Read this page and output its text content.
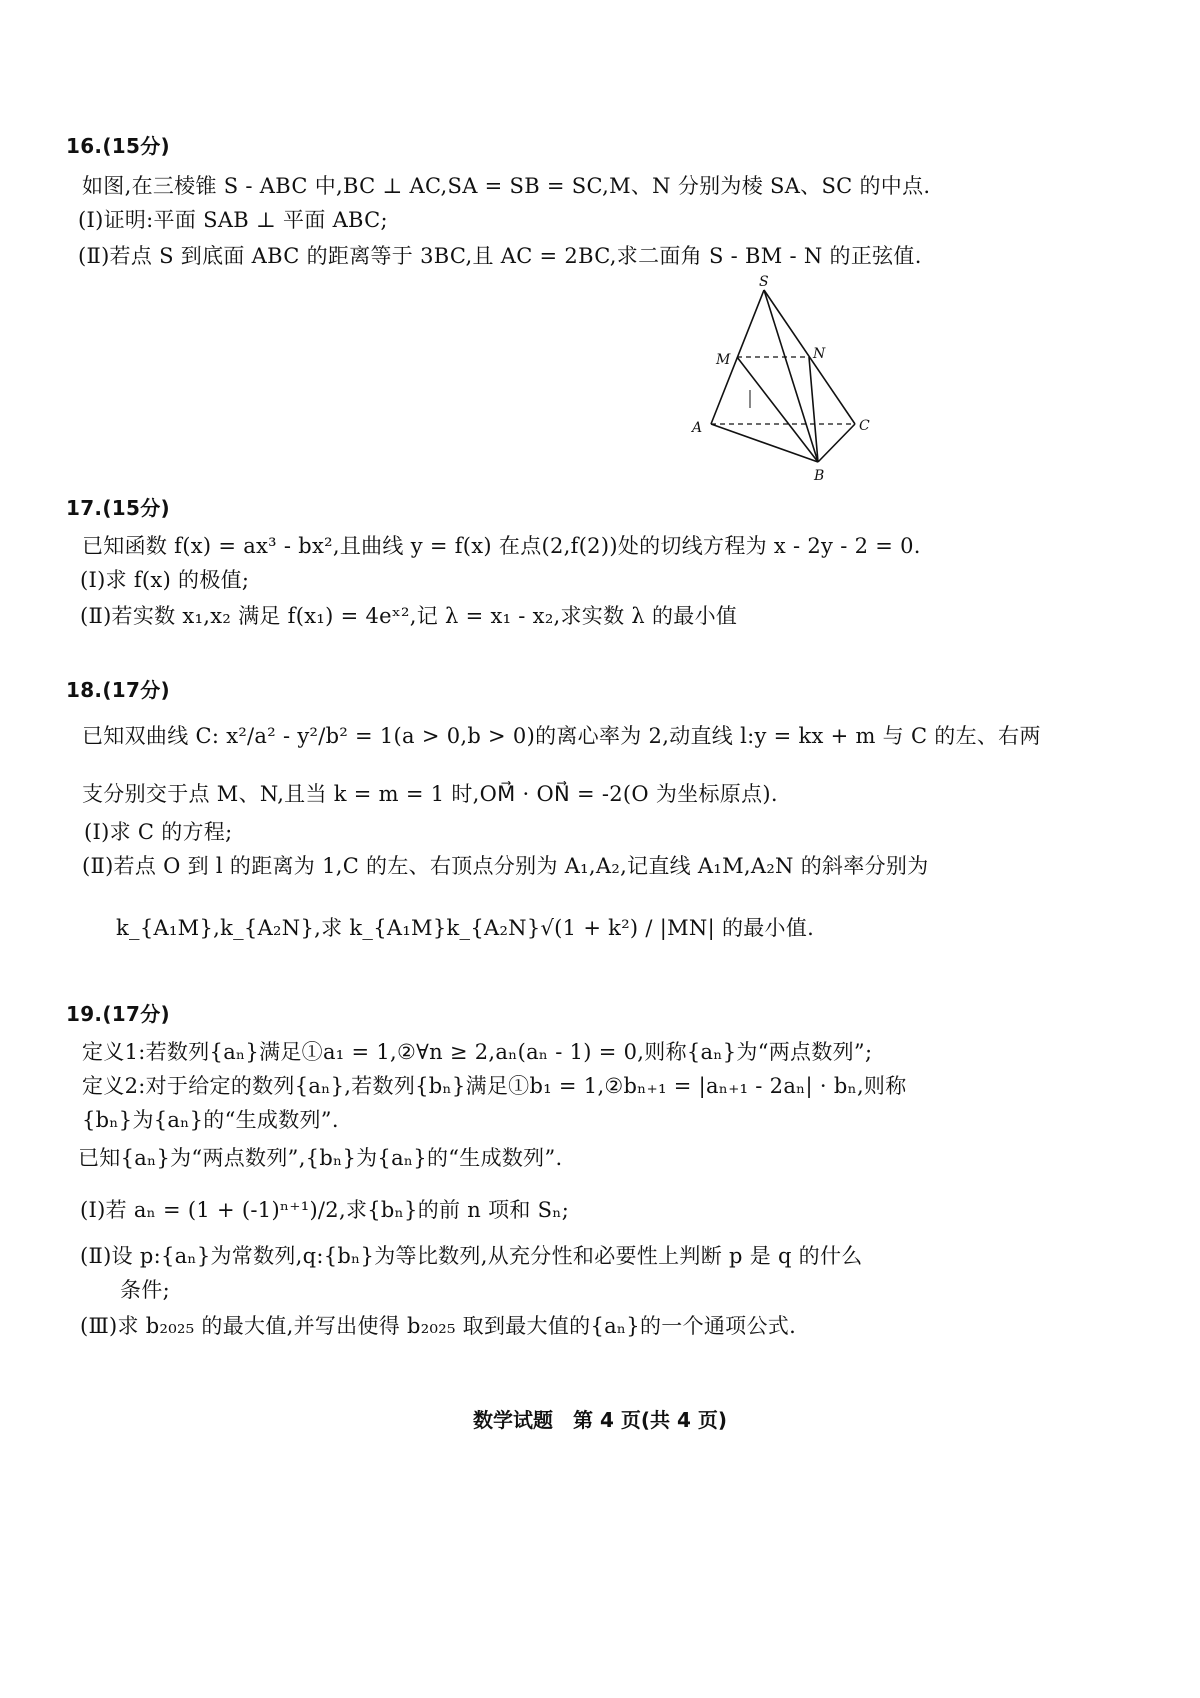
16.(15分)
如图,在三棱锥 S - ABC 中,BC ⊥ AC,SA = SB = SC,M、N 分别为棱 SA、SC 的中点.
(Ⅰ)证明:平面 SAB ⊥ 平面 ABC;
(Ⅱ)若点 S 到底面 ABC 的距离等于 3BC,且 AC = 2BC,求二面角 S - BM - N 的正弦值.
S
M	N
A	C
B
17.(15分)
已知函数 f(x) = ax³ - bx²,且曲线 y = f(x) 在点(2,f(2))处的切线方程为 x - 2y - 2 = 0.
(Ⅰ)求 f(x) 的极值;
(Ⅱ)若实数 x₁,x₂ 满足 f(x₁) = 4eˣ²,记 λ = x₁ - x₂,求实数 λ 的最小值
18.(17分)
已知双曲线 C: x²/a² - y²/b² = 1(a > 0,b > 0)的离心率为 2,动直线 l:y = kx + m 与 C 的左、右两
支分别交于点 M、N,且当 k = m = 1 时,OM⃗ · ON⃗ = -2(O 为坐标原点).
(Ⅰ)求 C 的方程;
(Ⅱ)若点 O 到 l 的距离为 1,C 的左、右顶点分别为 A₁,A₂,记直线 A₁M,A₂N 的斜率分别为
k_{A₁M},k_{A₂N},求 k_{A₁M}k_{A₂N}√(1 + k²) / |MN| 的最小值.
19.(17分)
定义1:若数列{aₙ}满足①a₁ = 1,②∀n ≥ 2,aₙ(aₙ - 1) = 0,则称{aₙ}为“两点数列”;
定义2:对于给定的数列{aₙ},若数列{bₙ}满足①b₁ = 1,②bₙ₊₁ = |aₙ₊₁ - 2aₙ| · bₙ,则称
{bₙ}为{aₙ}的“生成数列”.
已知{aₙ}为“两点数列”,{bₙ}为{aₙ}的“生成数列”.
(Ⅰ)若 aₙ = (1 + (-1)ⁿ⁺¹)/2,求{bₙ}的前 n 项和 Sₙ;
(Ⅱ)设 p:{aₙ}为常数列,q:{bₙ}为等比数列,从充分性和必要性上判断 p 是 q 的什么
条件;
(Ⅲ)求 b₂₀₂₅ 的最大值,并写出使得 b₂₀₂₅ 取到最大值的{aₙ}的一个通项公式.
数学试题　第 4 页(共 4 页)
